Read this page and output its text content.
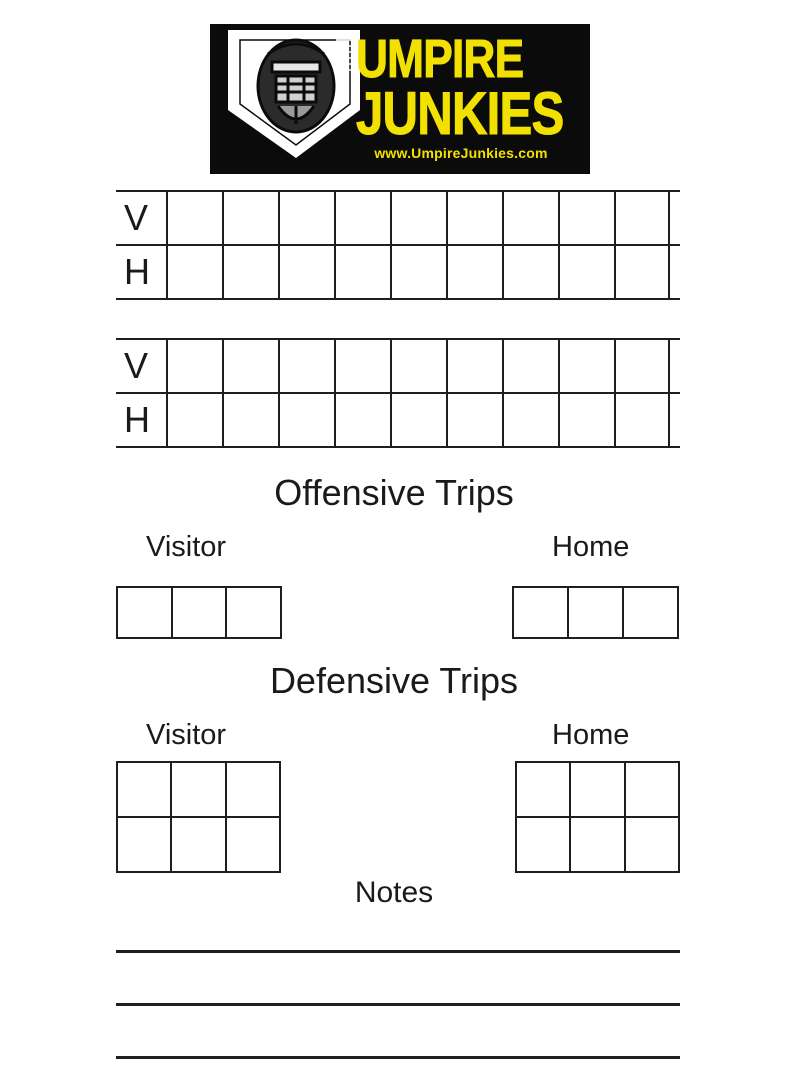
UMPIRE
JUNKIES
www.UmpireJunkies.com
V
H
V
H
Offensive Trips
Visitor	Home
Defensive Trips
Visitor	Home
Notes
